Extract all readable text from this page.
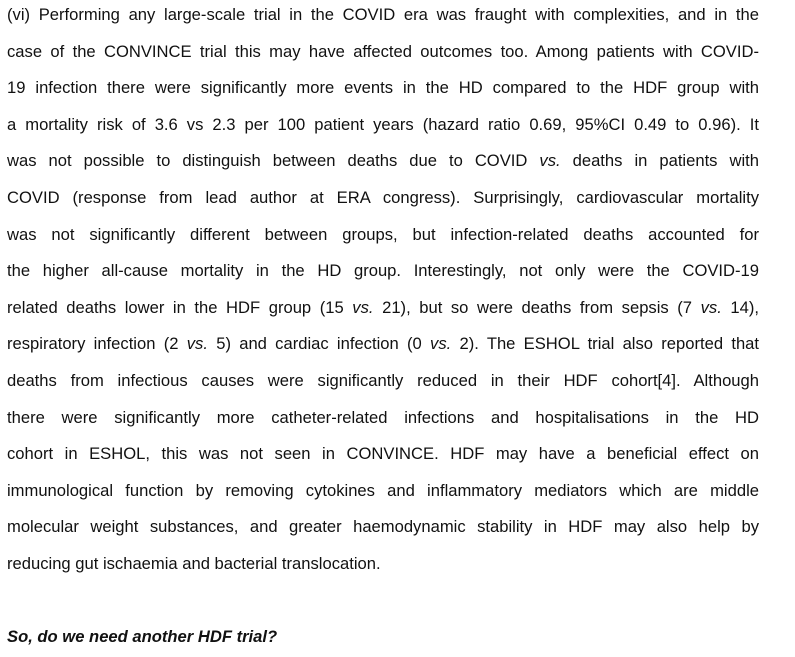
(vi) Performing any large-scale trial in the COVID era was fraught with complexities, and in the
case of the CONVINCE trial this may have affected outcomes too. Among patients with COVID-
19 infection there were significantly more events in the HD compared to the HDF group with
a mortality risk of 3.6 vs 2.3 per 100 patient years (hazard ratio 0.69, 95%CI 0.49 to 0.96). It
was not possible to distinguish between deaths due to COVID vs. deaths in patients with
COVID (response from lead author at ERA congress). Surprisingly, cardiovascular mortality
was not significantly different between groups, but infection-related deaths accounted for
the higher all-cause mortality in the HD group. Interestingly, not only were the COVID-19
related deaths lower in the HDF group (15 vs. 21), but so were deaths from sepsis (7 vs. 14),
respiratory infection (2 vs. 5) and cardiac infection (0 vs. 2). The ESHOL trial also reported that
deaths from infectious causes were significantly reduced in their HDF cohort[4]. Although
there were significantly more catheter-related infections and hospitalisations in the HD
cohort in ESHOL, this was not seen in CONVINCE. HDF may have a beneficial effect on
immunological function by removing cytokines and inflammatory mediators which are middle
molecular weight substances, and greater haemodynamic stability in HDF may also help by
reducing gut ischaemia and bacterial translocation.
So, do we need another HDF trial?
